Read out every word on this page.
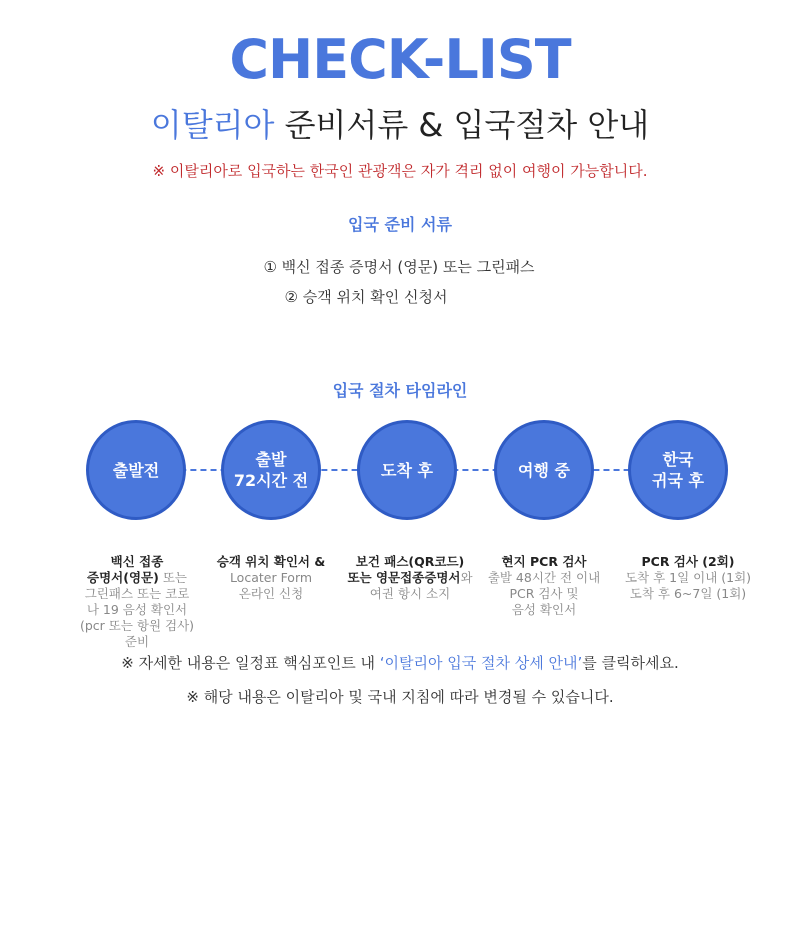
CHECK-LIST
이탈리아 준비서류 & 입국절차 안내
※ 이탈리아로 입국하는 한국인 관광객은 자가 격리 없이 여행이 가능합니다.
입국 준비 서류
① 백신 접종 증명서 (영문) 또는 그린패스
② 승객 위치 확인 신청서
입국 절차 타임라인
출발전
출발
72시간 전
도착 후	여행 중
한국
귀국 후

백신 접종
증명서(영문) 또는
그린패스 또는 코로
나 19 음성 확인서
(pcr 또는 항원 검사)
준비

승객 위치 확인서 &
Locater Form
온라인 신청

보건 패스(QR코드)
또는 영문접종증명서와
여권 항시 소지

현지 PCR 검사
출발 48시간 전 이내
PCR 검사 및
음성 확인서

PCR 검사 (2회)
도착 후 1일 이내 (1회)
도착 후 6~7일 (1회)

※ 자세한 내용은 일정표 핵심포인트 내 ‘이탈리아 입국 절차 상세 안내’를 클릭하세요.
※ 해당 내용은 이탈리아 및 국내 지침에 따라 변경될 수 있습니다.
